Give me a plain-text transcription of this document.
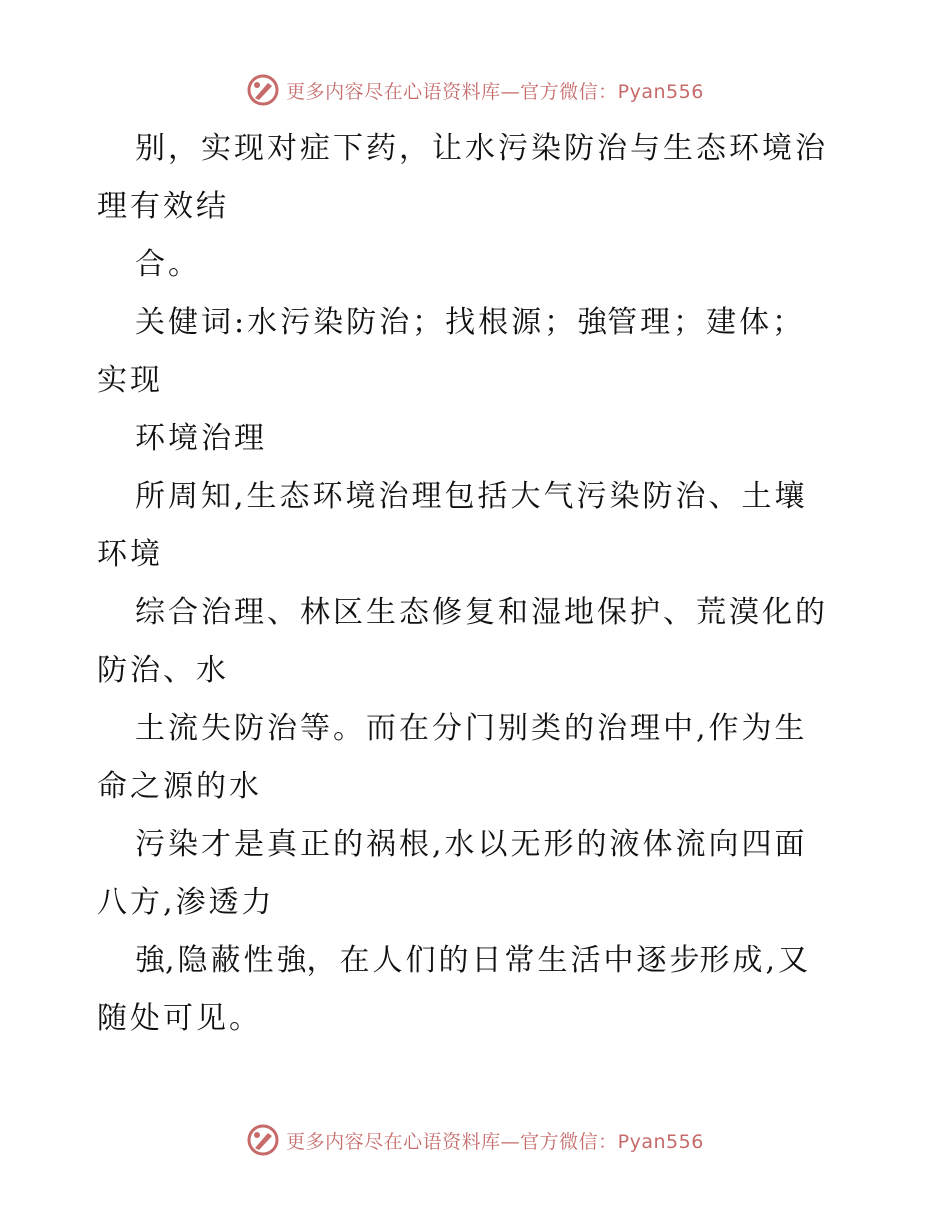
更多内容尽在心语资料库—官方微信：Pyan556
别，实现对症下药，让水污染防治与生态环境治
理有效结
合。
关健词:水污染防治；找根源；強管理；建体；
实现
环境治理
所周知,生态环境治理包括大气污染防治、土壤
环境
综合治理、林区生态修复和湿地保护、荒漠化的
防治、水
土流失防治等。而在分门别类的治理中,作为生
命之源的水
污染才是真正的祸根,水以无形的液体流向四面
八方,渗透力
強,隐蔽性強，在人们的日常生活中逐步形成,又
随处可见。
更多内容尽在心语资料库—官方微信：Pyan556
